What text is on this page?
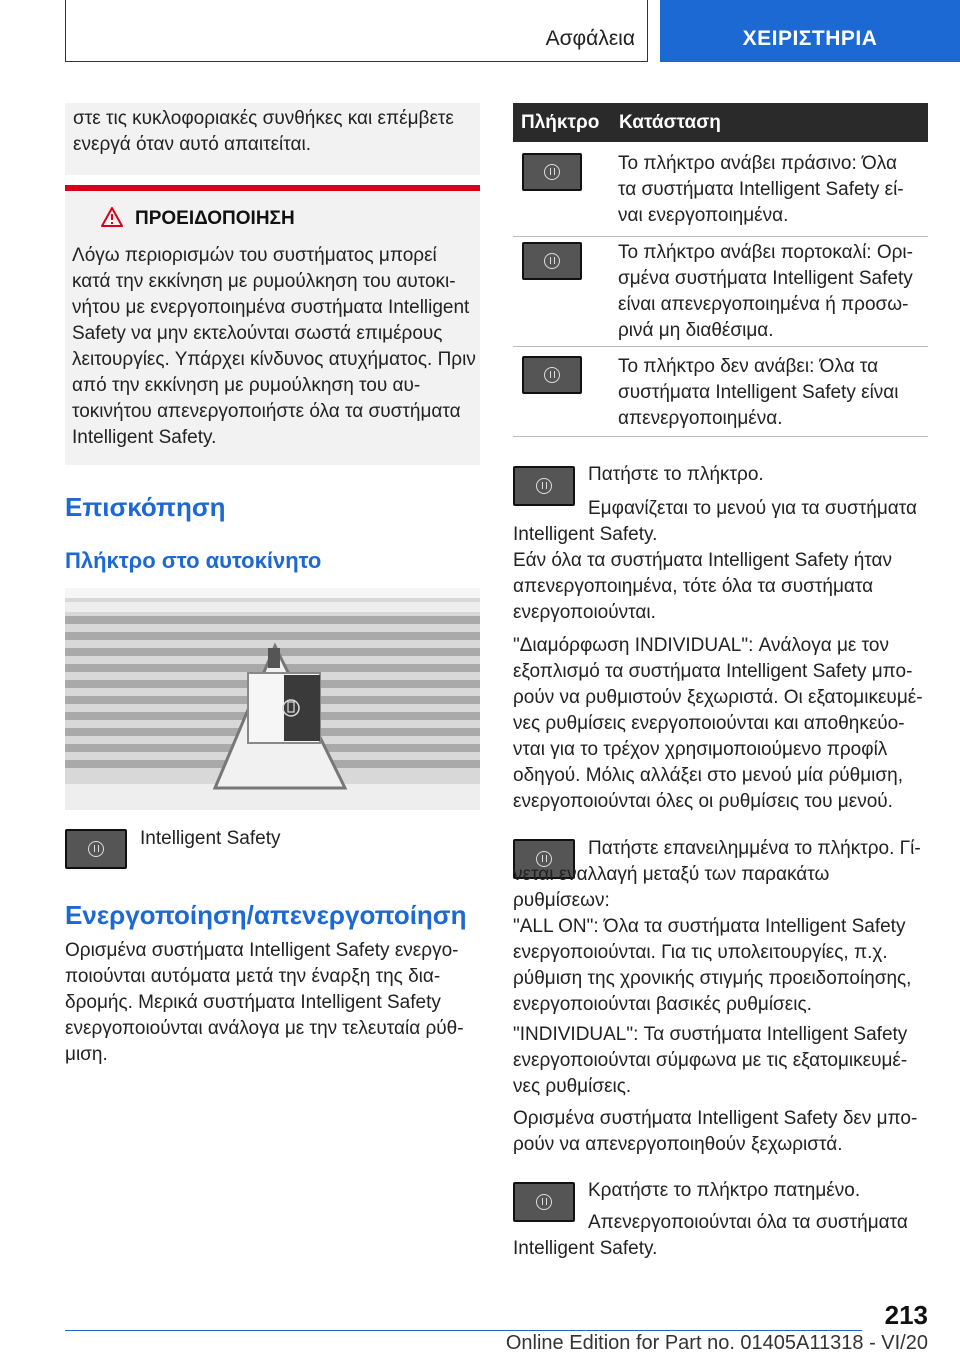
Ασφάλεια	ΧΕΙΡΙΣΤΗΡΙΑ

στε τις κυκλοφοριακές συνθήκες και επέμβετε ενεργά όταν αυτό απαιτείται.

ΠΡΟΕΙΔΟΠΟΙΗΣΗ

Λόγω περιορισμών του συστήματος μπορεί κατά την εκκίνηση με ρυμούλκηση του αυτοκινήτου με ενεργοποιημένα συστήματα Intelligent Safety να μην εκτελούνται σωστά επιμέρους λειτουργίες. Υπάρχει κίνδυνος ατυχήματος. Πριν από την εκκίνηση με ρυμούλκηση του αυτοκινήτου απενεργοποιήστε όλα τα συστήματα Intelligent Safety.

Επισκόπηση
Πλήκτρο στο αυτοκίνητο
Intelligent Safety
Ενεργοποίηση/απενεργοποίηση

Ορισμένα συστήματα Intelligent Safety ενεργοποιούνται αυτόματα μετά την έναρξη της διαδρομής. Μερικά συστήματα Intelligent Safety ενεργοποιούνται ανάλογα με την τελευταία ρύθμιση.

Πλήκτρο Κατάσταση

Το πλήκτρο ανάβει πράσινο: Όλα τα συστήματα Intelligent Safety είναι ενεργοποιημένα.

Το πλήκτρο ανάβει πορτοκαλί: Ορισμένα συστήματα Intelligent Safety είναι απενεργοποιημένα ή προσωρινά μη διαθέσιμα.

Το πλήκτρο δεν ανάβει: Όλα τα συστήματα Intelligent Safety είναι απενεργοποιημένα.

Πατήστε το πλήκτρο.

Εμφανίζεται το μενού για τα συστήματα Intelligent Safety.

Εάν όλα τα συστήματα Intelligent Safety ήταν απενεργοποιημένα, τότε όλα τα συστήματα ενεργοποιούνται.

"Διαμόρφωση INDIVIDUAL": Ανάλογα με τον εξοπλισμό τα συστήματα Intelligent Safety μπορούν να ρυθμιστούν ξεχωριστά. Οι εξατομικευμένες ρυθμίσεις ενεργοποιούνται και αποθηκεύονται για το τρέχον χρησιμοποιούμενο προφίλ οδηγού. Μόλις αλλάξει στο μενού μία ρύθμιση, ενεργοποιούνται όλες οι ρυθμίσεις του μενού.

Πατήστε επανειλημμένα το πλήκτρο. Γίνεται εναλλαγή μεταξύ των παρακάτω ρυθμίσεων:

"ALL ON": Όλα τα συστήματα Intelligent Safety ενεργοποιούνται. Για τις υπολειτουργίες, π.χ. ρύθμιση της χρονικής στιγμής προειδοποίησης, ενεργοποιούνται βασικές ρυθμίσεις.

"INDIVIDUAL": Τα συστήματα Intelligent Safety ενεργοποιούνται σύμφωνα με τις εξατομικευμένες ρυθμίσεις.

Ορισμένα συστήματα Intelligent Safety δεν μπορούν να απενεργοποιηθούν ξεχωριστά.

Κρατήστε το πλήκτρο πατημένο.

Απενεργοποιούνται όλα τα συστήματα Intelligent Safety.

213
Online Edition for Part no. 01405A11318 - VI/20
